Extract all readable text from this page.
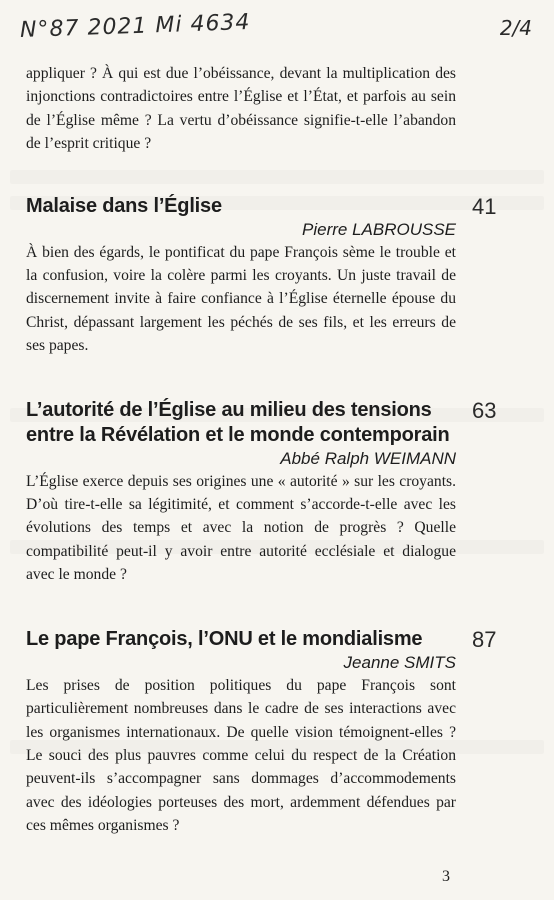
N°87 2021 Mi 4634	2/4

appliquer ? À qui est due l’obéissance, devant la multiplication des injonctions contradictoires entre l’Église et l’État, et parfois au sein de l’Église même ? La vertu d’obéissance signifie-t-elle l’abandon de l’esprit critique ?

41
Malaise dans l’Église

Pierre LABROUSSE

À bien des égards, le pontificat du pape François sème le trouble et la confusion, voire la colère parmi les croyants. Un juste travail de discernement invite à faire confiance à l’Église éternelle épouse du Christ, dépassant largement les péchés de ses fils, et les erreurs de ses papes.

63
L’autorité de l’Église au milieu des tensions entre la Révélation et le monde contemporain

Abbé Ralph WEIMANN

L’Église exerce depuis ses origines une « autorité » sur les croyants. D’où tire-t-elle sa légitimité, et comment s’accorde-t-elle avec les évolutions des temps et avec la notion de progrès ? Quelle compatibilité peut-il y avoir entre autorité ecclésiale et dialogue avec le monde ?

87
Le pape François, l’ONU et le mondialisme

Jeanne SMITS

Les prises de position politiques du pape François sont particulièrement nombreuses dans le cadre de ses interactions avec les organismes internationaux. De quelle vision témoignent-elles ? Le souci des plus pauvres comme celui du respect de la Création peuvent-ils s’accompagner sans dommages d’accommodements avec des idéologies porteuses des mort, ardemment défendues par ces mêmes organismes ?

3
